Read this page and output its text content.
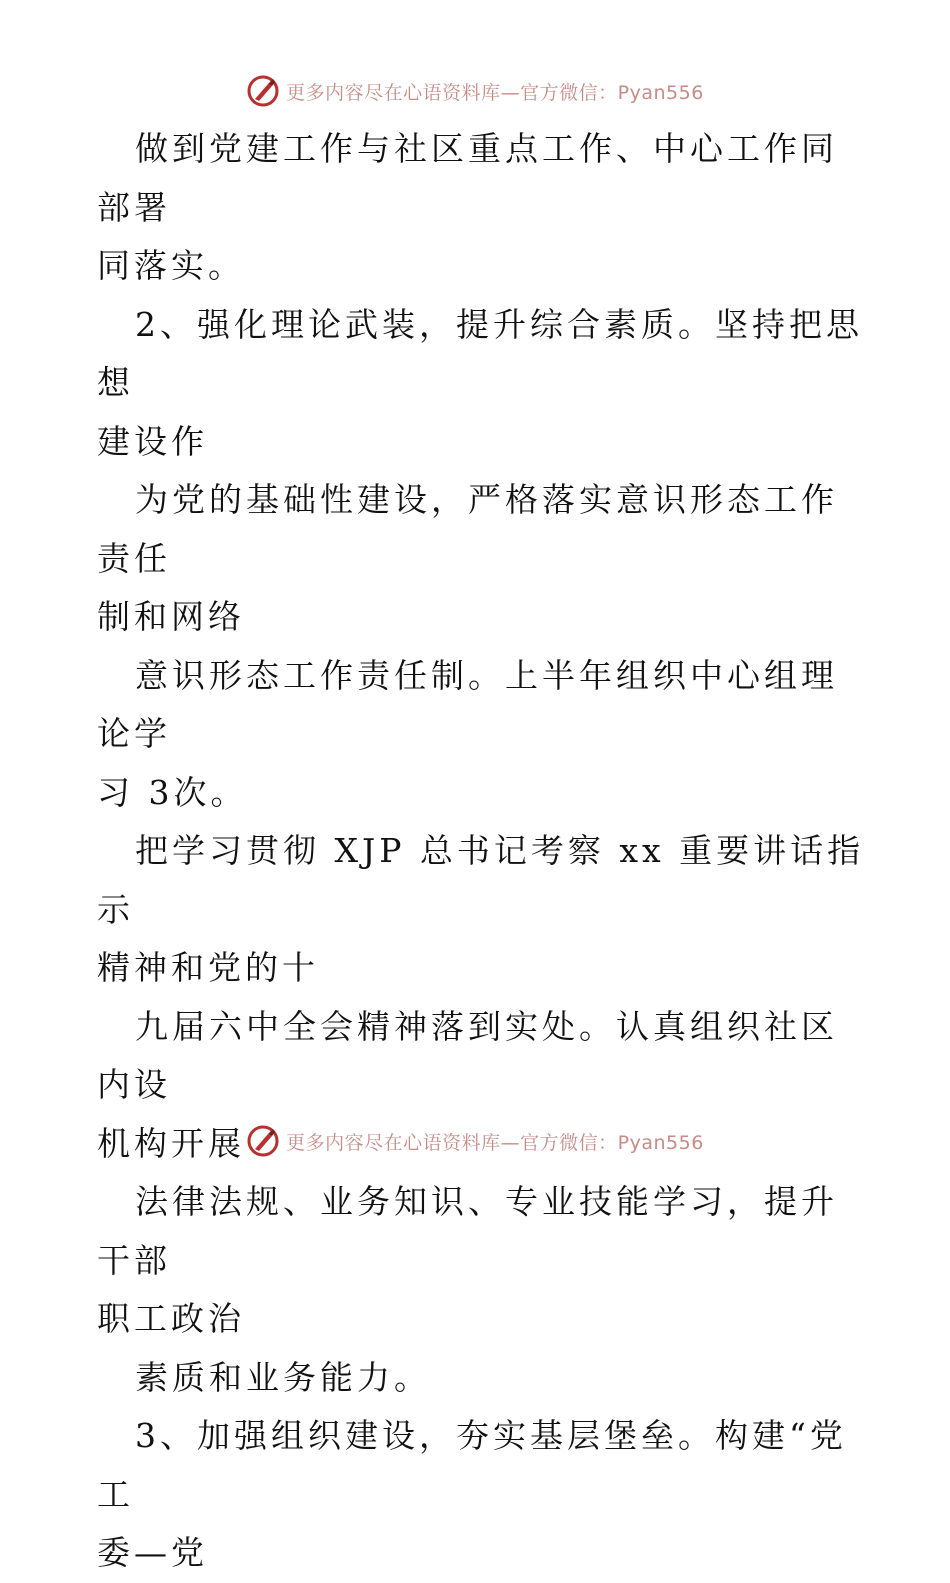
更多内容尽在心语资料库—官方微信：Pyan556

做到党建工作与社区重点工作、中心工作同部署
同落实。

2、强化理论武装，提升综合素质。坚持把思想
建设作

为党的基础性建设，严格落实意识形态工作责任
制和网络

意识形态工作责任制。上半年组织中心组理论学
习 3次。

把学习贯彻 XJP 总书记考察 xx 重要讲话指示
精神和党的十

九届六中全会精神落到实处。认真组织社区内设
机构开展

法律法规、业务知识、专业技能学习，提升干部
职工政治

素质和业务能力。

3、加强组织建设，夯实基层堡垒。构建“党工
委—党

更多内容尽在心语资料库—官方微信：Pyan556
